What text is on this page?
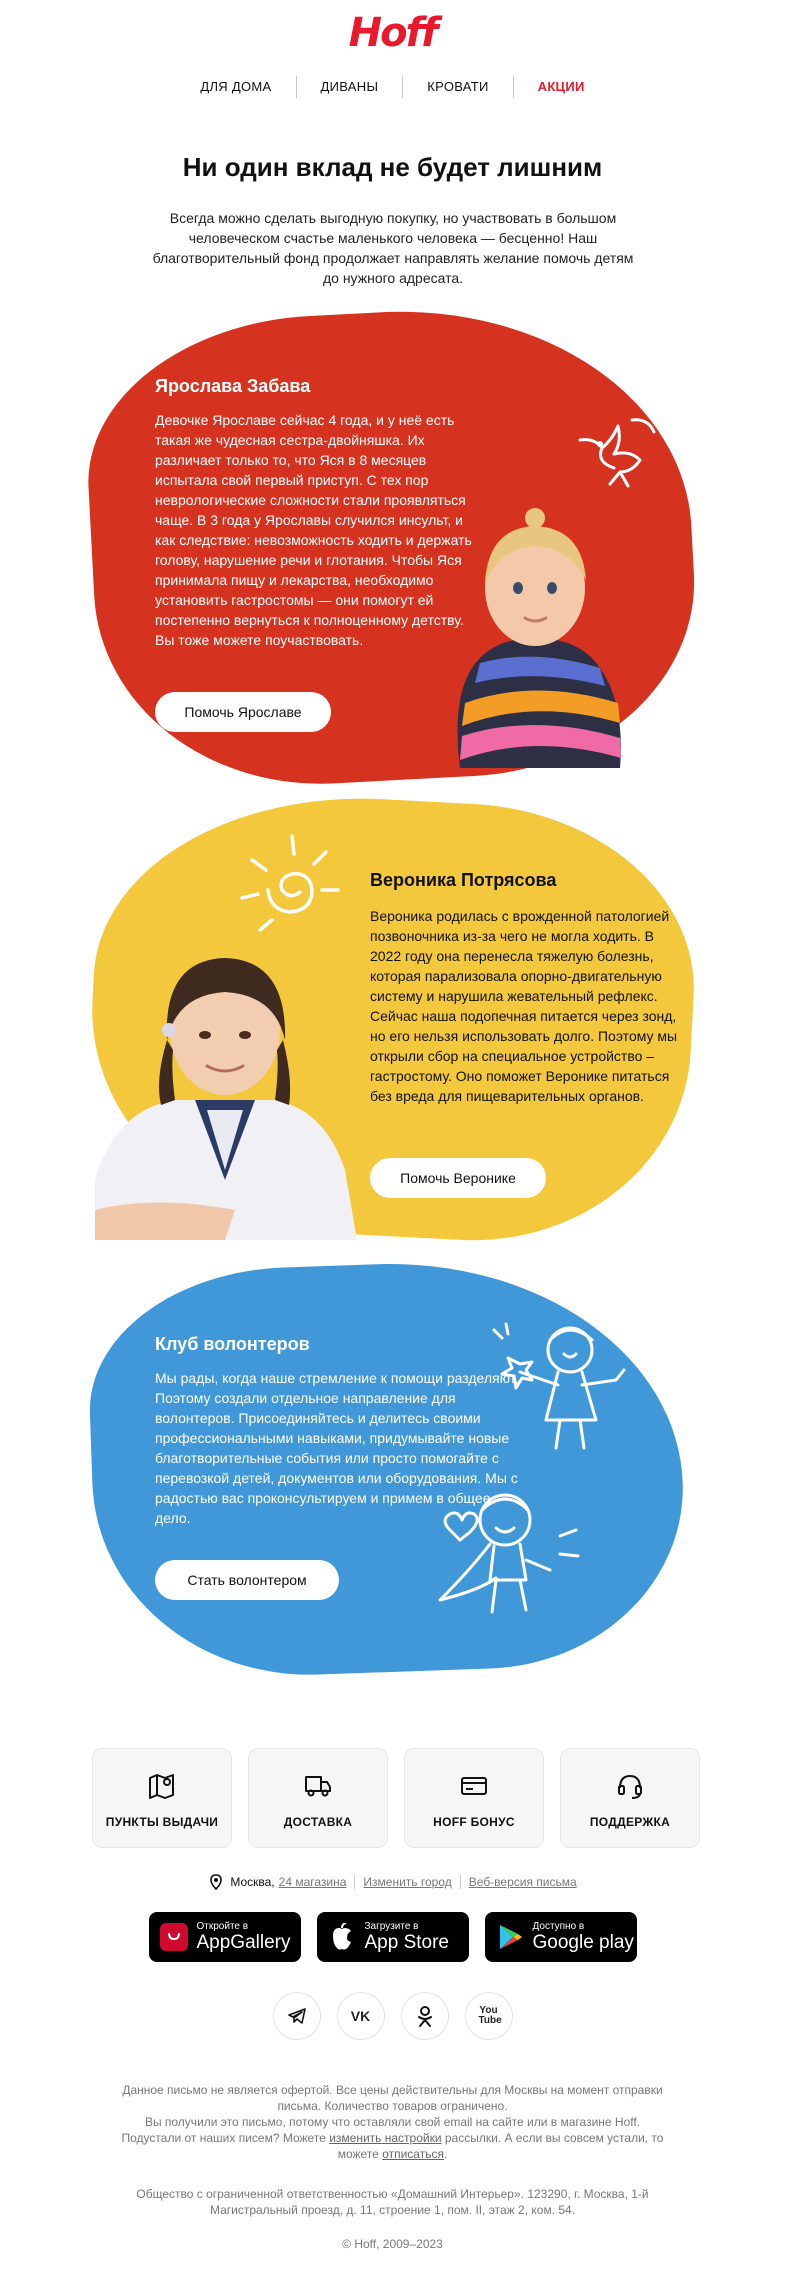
Hoff
ДЛЯ ДОМА	ДИВАНЫ	КРОВАТИ	АКЦИИ
Ни один вклад не будет лишним
Всегда можно сделать выгодную покупку, но участвовать в большом человеческом счастье маленького человека — бесценно! Наш благотворительный фонд продолжает направлять желание помочь детям до нужного адресата.
Ярослава Забава
Девочке Ярославе сейчас 4 года, и у неё есть такая же чудесная сестра-двойняшка. Их различает только то, что Яся в 8 месяцев испытала свой первый приступ. С тех пор неврологические сложности стали проявляться чаще. В 3 года у Ярославы случился инсульт, и как следствие: невозможность ходить и держать голову, нарушение речи и глотания. Чтобы Яся принимала пищу и лекарства, необходимо установить гастростомы — они помогут ей постепенно вернуться к полноценному детству. Вы тоже можете поучаствовать.
Помочь Ярославе
Вероника Потрясова
Вероника родилась с врожденной патологией позвоночника из-за чего не могла ходить. В 2022 году она перенесла тяжелую болезнь, которая парализовала опорно-двигательную систему и нарушила жевательный рефлекс. Сейчас наша подопечная питается через зонд, но его нельзя использовать долго. Поэтому мы открыли сбор на специальное устройство – гастростому. Оно поможет Веронике питаться без вреда для пищеварительных органов.
Помочь Веронике
Клуб волонтеров
Мы рады, когда наше стремление к помощи разделяют. Поэтому создали отдельное направление для волонтеров. Присоединяйтесь и делитесь своими профессиональными навыками, придумывайте новые благотворительные события или просто помогайте с перевозкой детей, документов или оборудования. Мы с радостью вас проконсультируем и примем в общее дело.
Стать волонтером
ПУНКТЫ ВЫДАЧИ	ДОСТАВКА	HOFF БОНУС	ПОДДЕРЖКА
Москва, 24 магазина Изменить город Веб-версия письма
Откройте в
AppGallery
Загрузите в
App Store
Доступно в
Google play
VK	You Tube
Данное письмо не является офертой. Все цены действительны для Москвы на момент отправки письма. Количество товаров ограничено.
Вы получили это письмо, потому что оставляли свой email на сайте или в магазине Hoff. Подустали от наших писем? Можете изменить настройки рассылки. А если вы совсем устали, то можете отписаться.
Общество с ограниченной ответственностью «Домашний Интерьер». 123290, г. Москва, 1-й Магистральный проезд, д. 11, строение 1, пом. II, этаж 2, ком. 54.
© Hoff, 2009–2023
